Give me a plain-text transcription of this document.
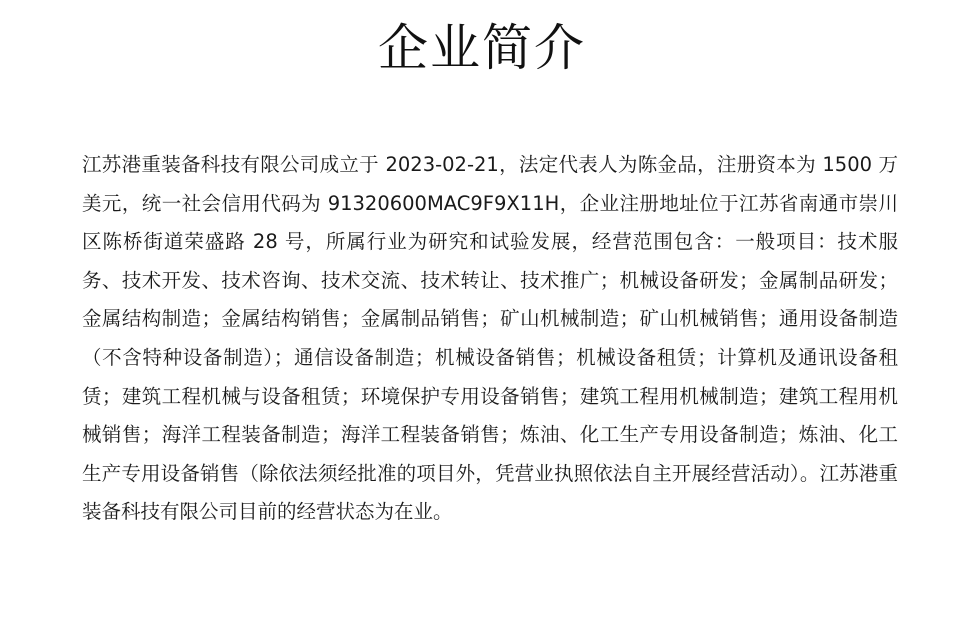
企业简介

江苏港重装备科技有限公司成立于 2023-02-21，法定代表人为陈金品，注册资本为 1500 万美元，统一社会信用代码为 91320600MAC9F9X11H，企业注册地址位于江苏省南通市崇川区陈桥街道荣盛路 28 号，所属行业为研究和试验发展，经营范围包含：一般项目：技术服务、技术开发、技术咨询、技术交流、技术转让、技术推广；机械设备研发；金属制品研发；金属结构制造；金属结构销售；金属制品销售；矿山机械制造；矿山机械销售；通用设备制造（不含特种设备制造）；通信设备制造；机械设备销售；机械设备租赁；计算机及通讯设备租赁；建筑工程机械与设备租赁；环境保护专用设备销售；建筑工程用机械制造；建筑工程用机械销售；海洋工程装备制造；海洋工程装备销售；炼油、化工生产专用设备制造；炼油、化工生产专用设备销售（除依法须经批准的项目外，凭营业执照依法自主开展经营活动）。江苏港重装备科技有限公司目前的经营状态为在业。
